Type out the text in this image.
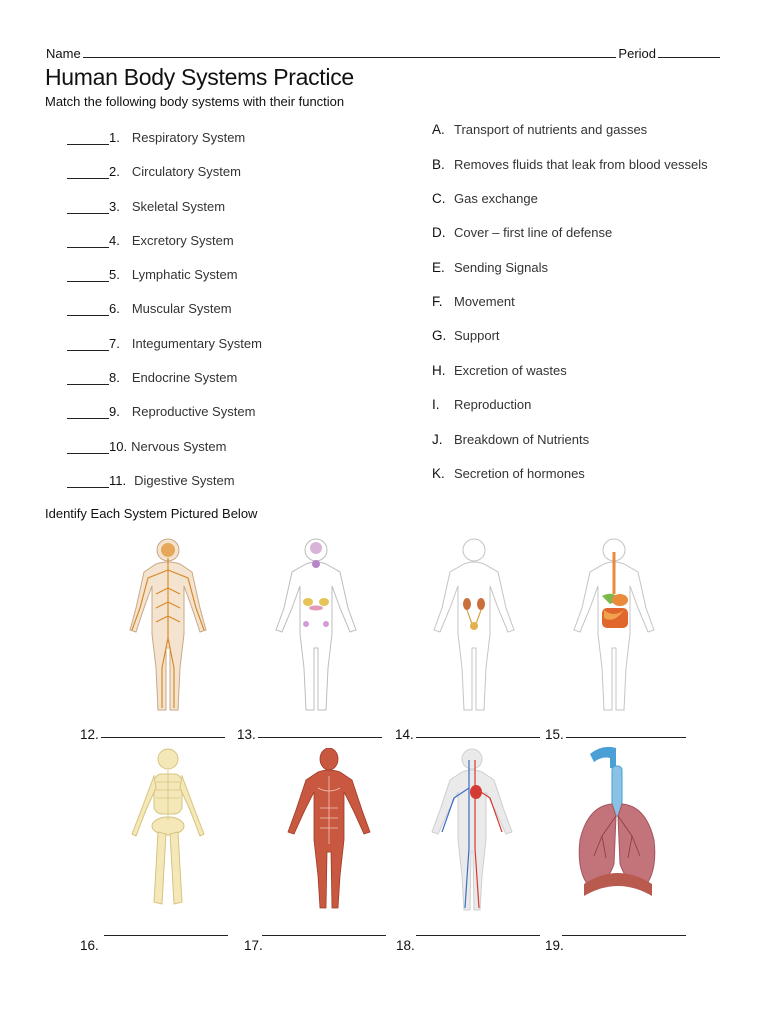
Name	Period
Human Body Systems Practice
Match the following body systems with their function
1. Respiratory System
2. Circulatory System
3. Skeletal System
4. Excretory System
5. Lymphatic System
6. Muscular System
7. Integumentary System
8. Endocrine System
9. Reproductive System
10. Nervous System
11. Digestive System
A. Transport of nutrients and gasses
B. Removes fluids that leak from blood vessels
C. Gas exchange
D. Cover – first line of defense
E. Sending Signals
F. Movement
G. Support
H. Excretion of wastes
I.	Reproduction
J. Breakdown of Nutrients
K. Secretion of hormones
Identify Each System Pictured Below
12.	13.	14.	15.
16.	17.	18.	19.
